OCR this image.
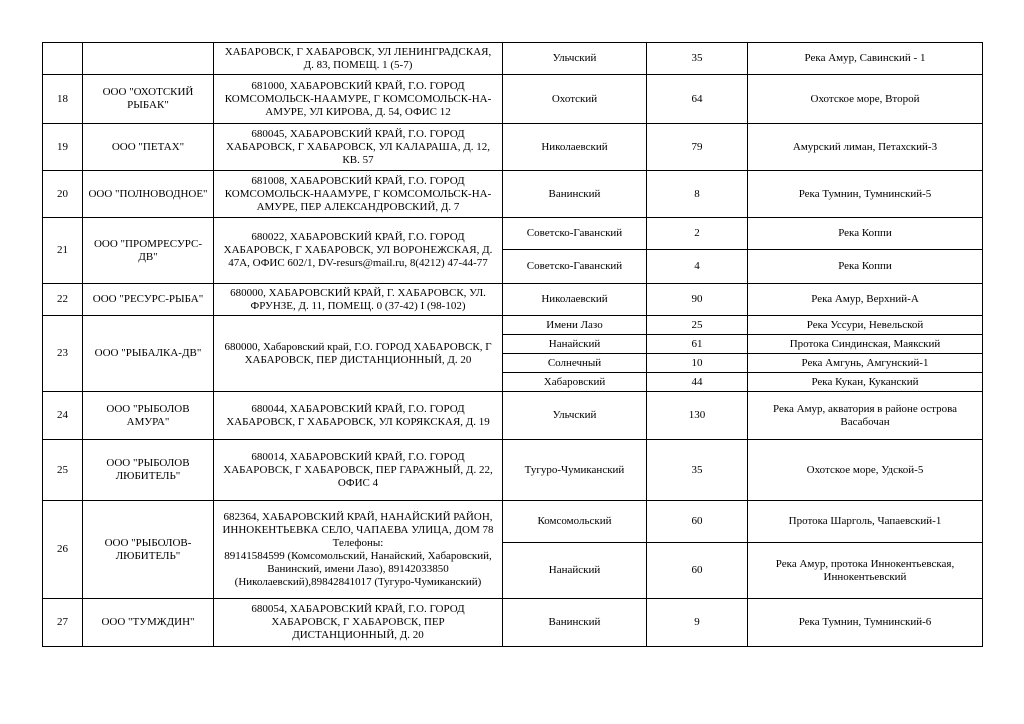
		ХАБАРОВСК, Г ХАБАРОВСК, УЛ ЛЕНИНГРАДСКАЯ, Д. 83, ПОМЕЩ. 1 (5-7)	Ульчский	35	Река Амур, Савинский - 1
18	ООО "ОХОТСКИЙ РЫБАК"	681000, ХАБАРОВСКИЙ КРАЙ, Г.О. ГОРОД КОМСОМОЛЬСК-НААМУРЕ, Г КОМСОМОЛЬСК-НА-АМУРЕ, УЛ КИРОВА, Д. 54, ОФИС 12	Охотский	64	Охотское море, Второй
19	ООО "ПЕТАХ"	680045, ХАБАРОВСКИЙ КРАЙ, Г.О. ГОРОД ХАБАРОВСК, Г ХАБАРОВСК, УЛ КАЛАРАША, Д. 12, КВ. 57	Николаевский	79	Амурский лиман, Петахский-3
20	ООО "ПОЛНОВОДНОЕ"	681008, ХАБАРОВСКИЙ КРАЙ, Г.О. ГОРОД КОМСОМОЛЬСК-НААМУРЕ, Г КОМСОМОЛЬСК-НА-АМУРЕ, ПЕР АЛЕКСАНДРОВСКИЙ, Д. 7	Ванинский	8	Река Тумнин, Тумнинский-5
21	ООО "ПРОМРЕСУРС-ДВ"	680022, ХАБАРОВСКИЙ КРАЙ, Г.О. ГОРОД ХАБАРОВСК, Г ХАБАРОВСК, УЛ ВОРОНЕЖСКАЯ, Д. 47А, ОФИС 602/1, DV-resurs@mail.ru, 8(4212) 47-44-77	Советско-Гаванский	2	Река Коппи
			Советско-Гаванский	4	Река Коппи
22	ООО "РЕСУРС-РЫБА"	680000, ХАБАРОВСКИЙ КРАЙ, Г. ХАБАРОВСК, УЛ. ФРУНЗЕ, Д. 11, ПОМЕЩ. 0 (37-42) I (98-102)	Николаевский	90	Река Амур, Верхний-А
23	ООО "РЫБАЛКА-ДВ"	680000, Хабаровский край, Г.О. ГОРОД ХАБАРОВСК, Г ХАБАРОВСК, ПЕР ДИСТАНЦИОННЫЙ, Д. 20	Имени Лазо	25	Река Уссури, Невельской
			Нанайский	61	Протока Синдинская, Маякский
			Солнечный	10	Река Амгунь, Амгунский-1
			Хабаровский	44	Река Кукан, Куканский
24	ООО "РЫБОЛОВ АМУРА"	680044, ХАБАРОВСКИЙ КРАЙ, Г.О. ГОРОД ХАБАРОВСК, Г ХАБАРОВСК, УЛ КОРЯКСКАЯ, Д. 19	Ульчский	130	Река Амур, акватория в районе острова Васабочан
25	ООО "РЫБОЛОВ ЛЮБИТЕЛЬ"	680014, ХАБАРОВСКИЙ КРАЙ, Г.О. ГОРОД ХАБАРОВСК, Г ХАБАРОВСК, ПЕР ГАРАЖНЫЙ, Д. 22, ОФИС 4	Тугуро-Чумиканский	35	Охотское море, Удской-5
26	ООО "РЫБОЛОВ-ЛЮБИТЕЛЬ"	682364, ХАБАРОВСКИЙ КРАЙ, НАНАЙСКИЙ РАЙОН, ИННОКЕНТЬЕВКА СЕЛО, ЧАПАЕВА УЛИЦА, ДОМ 78
Телефоны:
89141584599 (Комсомольский, Нанайский, Хабаровский, Ванинский, имени Лазо), 89142033850 (Николаевский),89842841017 (Тугуро-Чумиканский)	Комсомольский	60	Протока Шарголь, Чапаевский-1
			Нанайский	60	Река Амур, протока Иннокентьевская, Иннокентьевский
27	ООО "ТУМЖДИН"	680054, ХАБАРОВСКИЙ КРАЙ, Г.О. ГОРОД ХАБАРОВСК, Г ХАБАРОВСК, ПЕР ДИСТАНЦИОННЫЙ, Д. 20	Ванинский	9	Река Тумнин, Тумнинский-6
